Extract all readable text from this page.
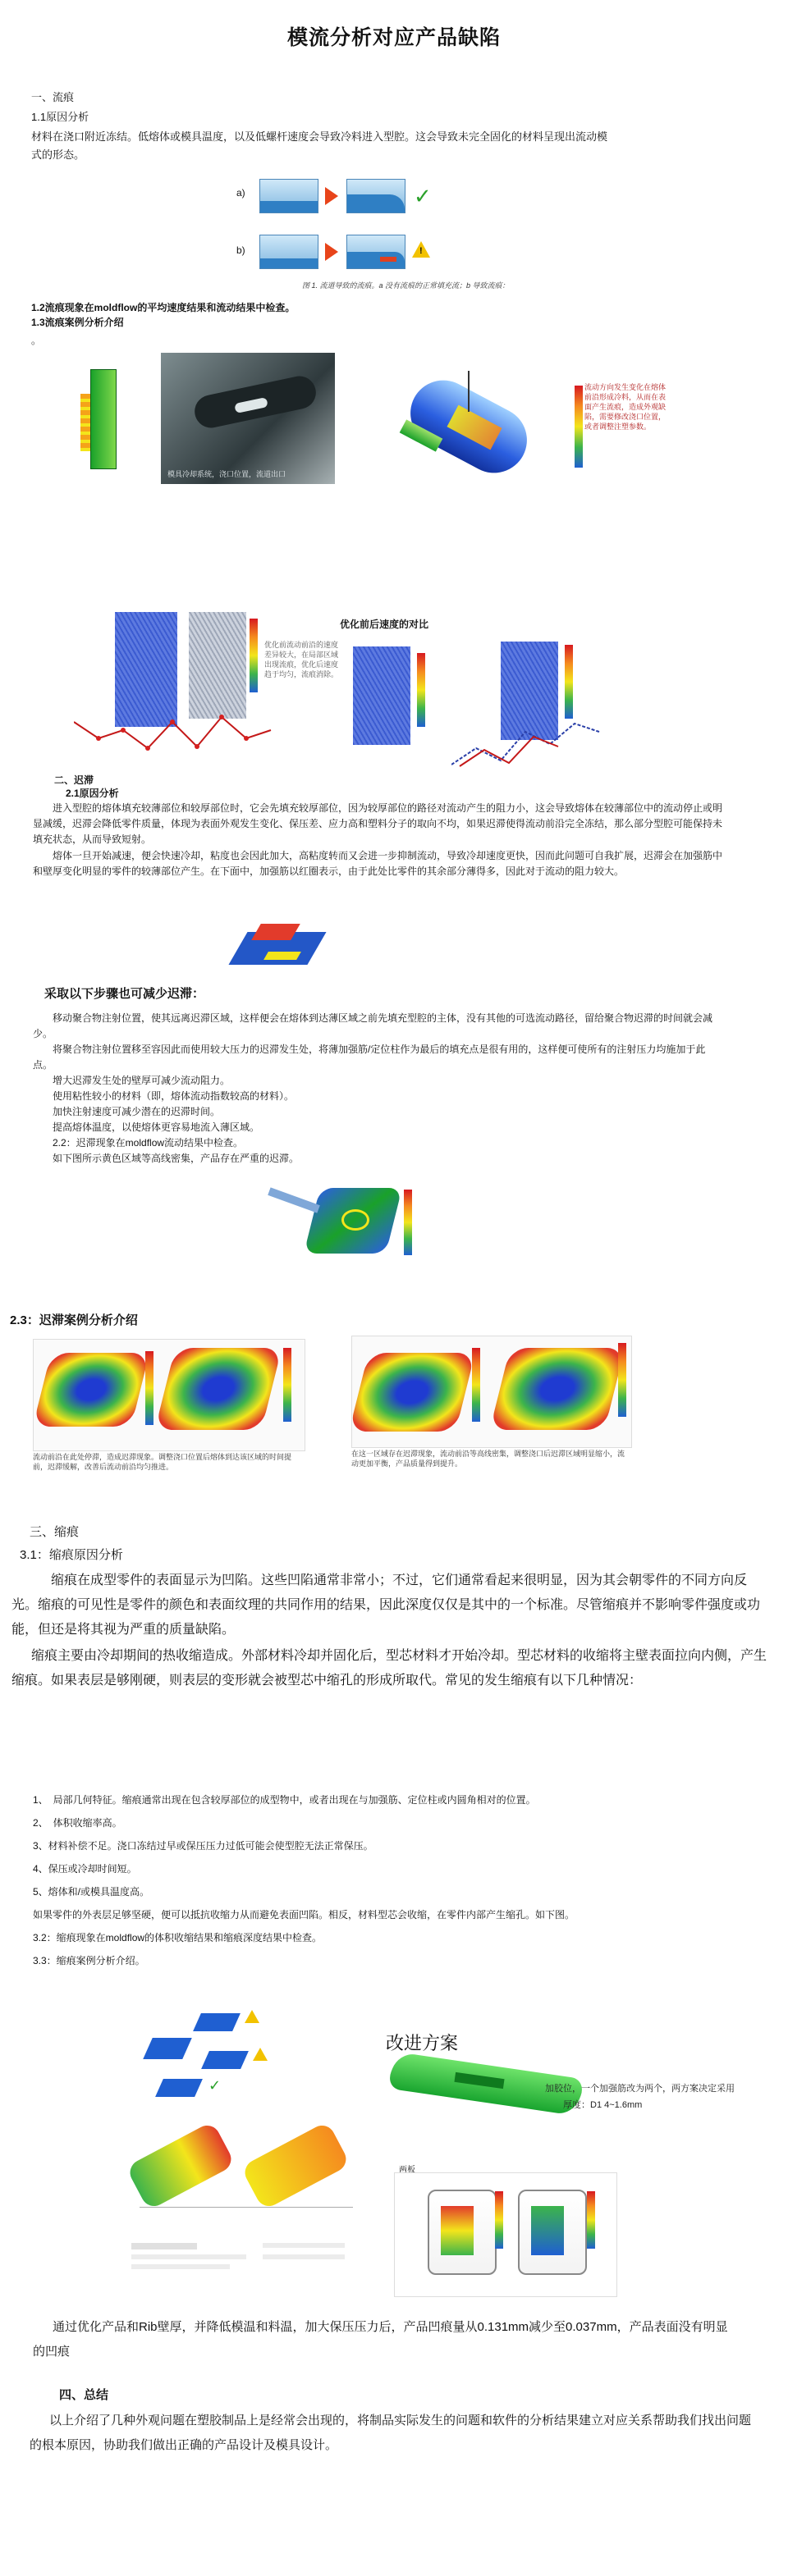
模流分析对应产品缺陷
一、流痕
1.1原因分析
材料在浇口附近冻结。低熔体或模具温度，以及低螺杆速度会导致冷料进入型腔。这会导致未完全固化的材料呈现出流动模
式的形态。
a)	✓
b)	!
图 1. 流道导致的流痕。a 没有流痕的正常填充流；b 导致流痕：
1.2流痕现象在moldflow的平均速度结果和流动结果中检查。
1.3流痕案例分析介绍
。
模具冷却系统，浇口位置，流道出口
流动方向发生变化在熔体前沿形成冷料，从而在表面产生流痕，造成外观缺陷，需要修改浇口位置，或者调整注塑参数。
优化前流动前沿的速度差异较大，在局部区域出现流痕，优化后速度趋于均匀，流痕消除。
优化前后速度的对比
二、迟滞
2.1原因分析
进入型腔的熔体填充较薄部位和较厚部位时，它会先填充较厚部位，因为较厚部位的路径对流动产生的阻力小，这会导致熔体在较薄部位中的流动停止或明显减缓，迟滞会降低零件质量，体现为表面外观发生变化、保压差、应力高和塑料分子的取向不均，如果迟滞使得流动前沿完全冻结，那么部分型腔可能保持未填充状态，从而导致短射。
熔体一旦开始减速，便会快速冷却，粘度也会因此加大，高粘度转而又会进一步抑制流动，导致冷却速度更快，因而此问题可自我扩展，迟滞会在加强筋中和壁厚变化明显的零件的较薄部位产生。在下面中，加强筋以红圈表示，由于此处比零件的其余部分薄得多，因此对于流动的阻力较大。
采取以下步骤也可减少迟滞：
移动聚合物注射位置，使其远离迟滞区域，这样便会在熔体到达薄区域之前先填充型腔的主体，没有其他的可选流动路径，留给聚合物迟滞的时间就会减少。
将聚合物注射位置移至容因此而使用较大压力的迟滞发生处，将薄加强筋/定位柱作为最后的填充点是很有用的，这样便可使所有的注射压力均施加于此点。
增大迟滞发生处的壁厚可减少流动阻力。
使用粘性较小的材料（即，熔体流动指数较高的材料）。
加快注射速度可减少潜在的迟滞时间。
提高熔体温度，以使熔体更容易地流入薄区域。
2.2：迟滞现象在moldflow流动结果中检查。
如下图所示黄色区域等高线密集，产品存在严重的迟滞。
2.3：迟滞案例分析介绍
流动前沿在此处停滞，造成迟滞现象。调整浇口位置后熔体到达该区域的时间提前，迟滞缓解，改善后流动前沿均匀推进。
在这一区域存在迟滞现象，流动前沿等高线密集，调整浇口后迟滞区域明显缩小，流动更加平衡，产品质量得到提升。
三、缩痕
3.1：缩痕原因分析
缩痕在成型零件的表面显示为凹陷。这些凹陷通常非常小；不过，它们通常看起来很明显，因为其会朝零件的不同方向反光。缩痕的可见性是零件的颜色和表面纹理的共同作用的结果，因此深度仅仅是其中的一个标准。尽管缩痕并不影响零件强度或功能，但还是将其视为严重的质量缺陷。
缩痕主要由冷却期间的热收缩造成。外部材料冷却并固化后，型芯材料才开始冷却。型芯材料的收缩将主壁表面拉向内侧，产生缩痕。如果表层是够刚硬，则表层的变形就会被型芯中缩孔的形成所取代。常见的发生缩痕有以下几种情况：
1、　局部几何特征。缩痕通常出现在包含较厚部位的成型物中，或者出现在与加强筋、定位柱或内圆角相对的位置。
2、　体积收缩率高。
3、材料补偿不足。浇口冻结过早或保压压力过低可能会使型腔无法正常保压。
4、保压或冷却时间短。
5、熔体和/或模具温度高。
如果零件的外表层足够坚硬，便可以抵抗收缩力从而避免表面凹陷。相反，材料型芯会收缩，在零件内部产生缩孔。如下图。
3.2：缩痕现象在moldflow的体积收缩结果和缩痕深度结果中检查。
3.3：缩痕案例分析介绍。
✓
改进方案
加胶位，一个加强筋改为两个，两方案决定采用
厚度：D1 4~1.6mm
两板
通过优化产品和Rib壁厚，并降低模温和料温，加大保压压力后，产品凹痕量从0.131mm减少至0.037mm，产品表面没有明显的凹痕
四、总结
以上介绍了几种外观问题在塑胶制品上是经常会出现的，将制品实际发生的问题和软件的分析结果建立对应关系帮助我们找出问题的根本原因，协助我们做出正确的产品设计及模具设计。
